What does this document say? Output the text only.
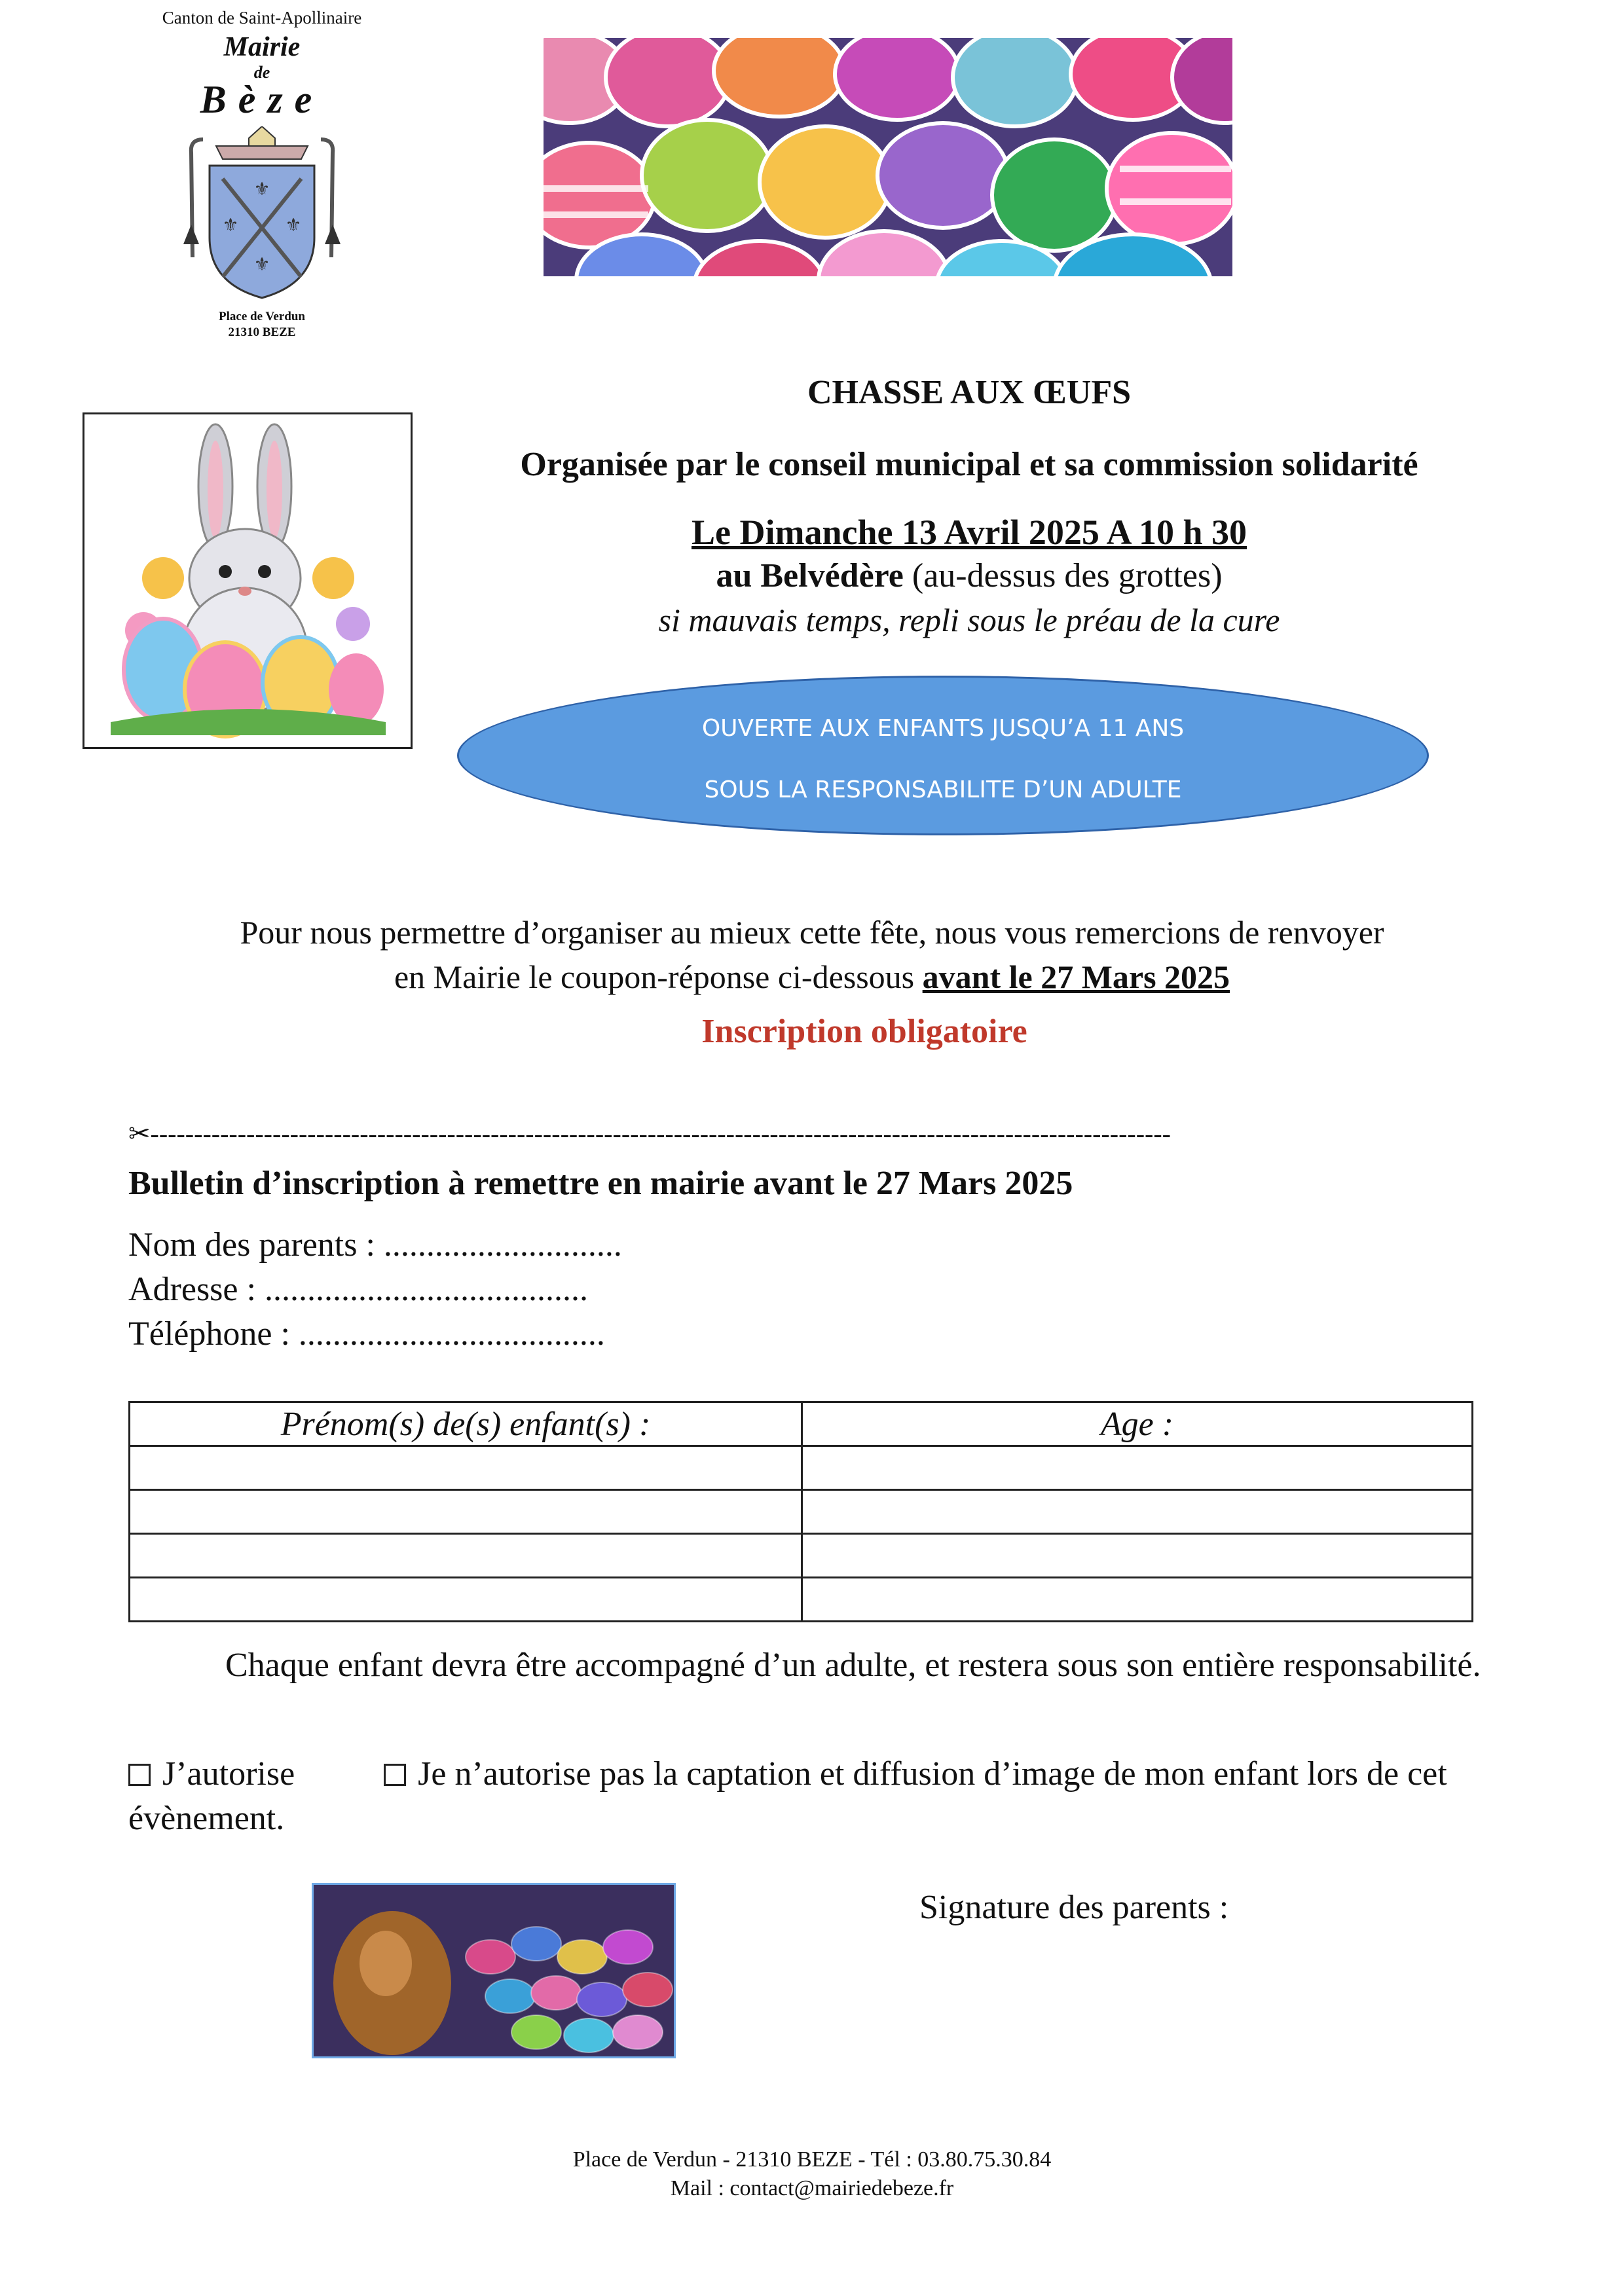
Canton de Saint-Apollinaire
Mairie
de
Bèze
⚜
⚜	⚜
⚜
Place de Verdun
21310 BEZE
CHASSE AUX ŒUFS
Organisée par le conseil municipal et sa commission solidarité
Le Dimanche 13 Avril 2025 A 10 h 30
au Belvédère (au-dessus des grottes)
si mauvais temps, repli sous le préau de la cure
OUVERTE AUX ENFANTS JUSQU’A 11 ANS
SOUS LA RESPONSABILITE D’UN ADULTE
Pour nous permettre d’organiser au mieux cette fête, nous vous remercions de renvoyer
en Mairie le coupon-réponse ci-dessous avant le 27 Mars 2025
Inscription obligatoire
✂---------------------------------------------------------------------------------------------------------------------
Bulletin d’inscription à remettre en mairie avant le 27 Mars 2025
Nom des parents : ............................
Adresse : ......................................
Téléphone : ....................................
Prénom(s) de(s) enfant(s) :	Age :

Chaque enfant devra être accompagné d’un adulte, et restera sous son entière responsabilité.
J’autorise	Je n’autorise pas la captation et diffusion d’image de mon enfant lors de cet évènement.
Signature des parents :
Place de Verdun - 21310 BEZE - Tél : 03.80.75.30.84
Mail : contact@mairiedebeze.fr
